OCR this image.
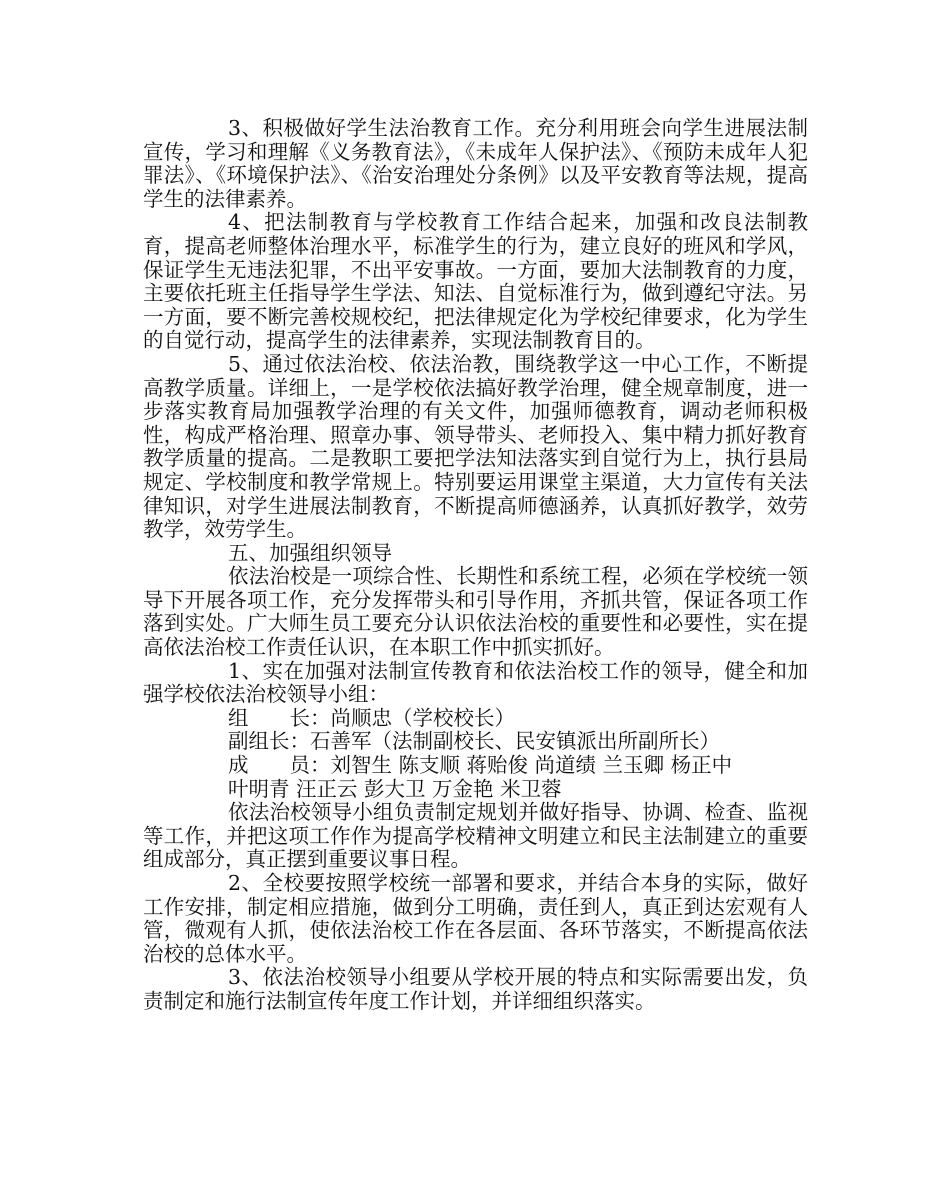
3、积极做好学生法治教育工作。充分利用班会向学生进展法制宣传，学习和理解《义务教育法》，《未成年人保护法》、《预防未成年人犯罪法》、《环境保护法》、《治安治理处分条例》以及平安教育等法规，提高学生的法律素养。

4、把法制教育与学校教育工作结合起来，加强和改良法制教育，提高老师整体治理水平，标准学生的行为，建立良好的班风和学风，保证学生无违法犯罪，不出平安事故。一方面，要加大法制教育的力度，主要依托班主任指导学生学法、知法、自觉标准行为，做到遵纪守法。另一方面，要不断完善校规校纪，把法律规定化为学校纪律要求，化为学生的自觉行动，提高学生的法律素养，实现法制教育目的。

5、通过依法治校、依法治教，围绕教学这一中心工作，不断提高教学质量。详细上，一是学校依法搞好教学治理，健全规章制度，进一步落实教育局加强教学治理的有关文件，加强师德教育，调动老师积极性，构成严格治理、照章办事、领导带头、老师投入、集中精力抓好教育教学质量的提高。二是教职工要把学法知法落实到自觉行为上，执行县局规定、学校制度和教学常规上。特别要运用课堂主渠道，大力宣传有关法律知识，对学生进展法制教育，不断提高师德涵养，认真抓好教学，效劳教学，效劳学生。

五、加强组织领导

依法治校是一项综合性、长期性和系统工程，必须在学校统一领导下开展各项工作，充分发挥带头和引导作用，齐抓共管，保证各项工作落到实处。广大师生员工要充分认识依法治校的重要性和必要性，实在提高依法治校工作责任认识，在本职工作中抓实抓好。

1、实在加强对法制宣传教育和依法治校工作的领导，健全和加强学校依法治校领导小组：

组　　长：尚顺忠（学校校长）

副组长：石善军（法制副校长、民安镇派出所副所长）

成　　员：刘智生 陈支顺 蒋贻俊 尚道绩 兰玉卿 杨正中

叶明青 汪正云 彭大卫 万金艳 米卫蓉

依法治校领导小组负责制定规划并做好指导、协调、检查、监视等工作，并把这项工作作为提高学校精神文明建立和民主法制建立的重要组成部分，真正摆到重要议事日程。

2、全校要按照学校统一部署和要求，并结合本身的实际，做好工作安排，制定相应措施，做到分工明确，责任到人，真正到达宏观有人管，微观有人抓，使依法治校工作在各层面、各环节落实，不断提高依法治校的总体水平。

3、依法治校领导小组要从学校开展的特点和实际需要出发，负责制定和施行法制宣传年度工作计划，并详细组织落实。
